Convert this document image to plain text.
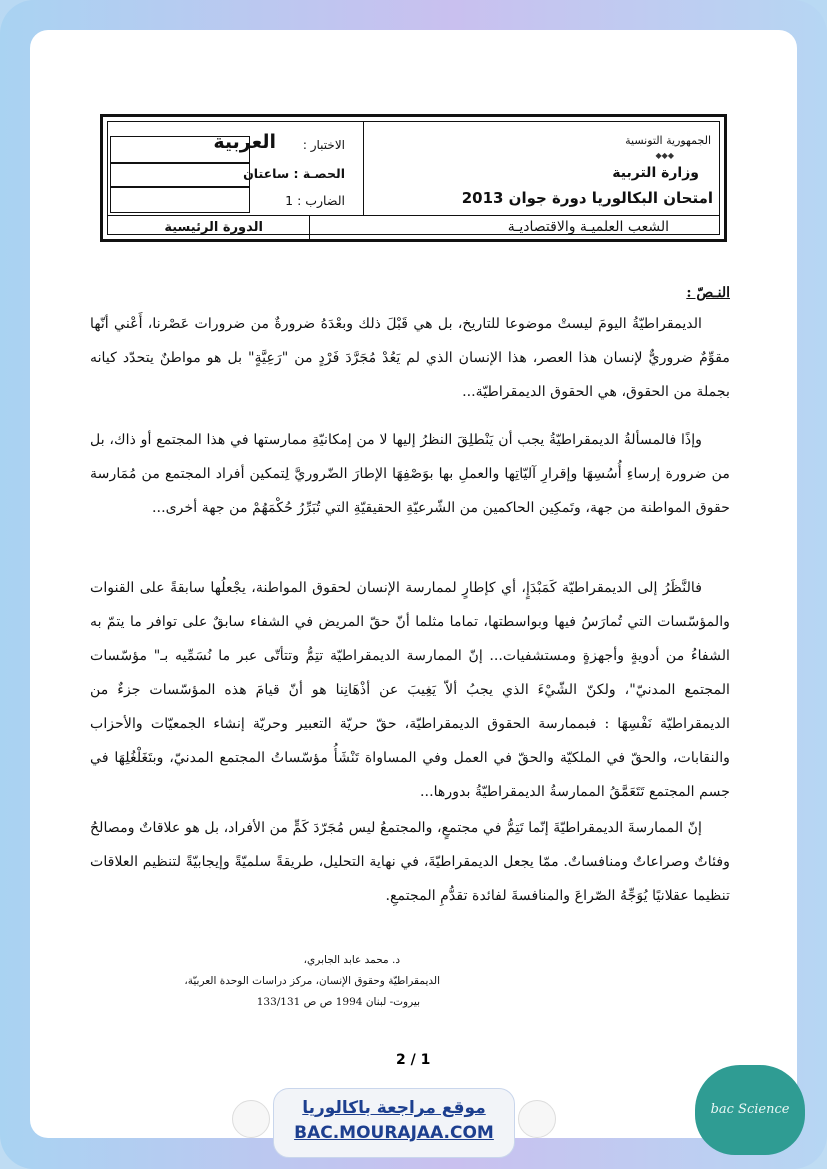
الجمهورية التونسية
◆◆◆
وزارة التربية
امتحان البكالوريا دورة جوان 2013
الشعب العلميـة والاقتصاديـة
الاختبار :
العربية
الحصـة : ساعتان
الضارب : 1
الدورة الرئيسية
النـصّ :

الديمقراطيّةُ اليومَ ليستْ موضوعا للتاريخ، بل هي قَبْلَ ذلك وبعْدَهُ ضرورةٌ من ضرورات عَصْرنا، أَعْني أنّها مقوِّمٌ ضروريٌّ لإنسان هذا العصر، هذا الإنسان الذي لم يَعُدْ مُجَرَّدَ فَرْدٍ من "رَعِيَّةٍ" بل هو مواطنٌ يتحدّد كيانه بجملة من الحقوق، هي الحقوق الديمقراطيّة...

وإذًا فالمسألةُ الديمقراطيّةُ يجب أن يَنْطلِقَ النظرُ إليها لا من إمكانيّةِ ممارستها في هذا المجتمع أو ذاك، بل من ضرورة إرساءِ أُسُسِهَا وإقرارِ آليّاتِها والعملِ بها بوَصْفِهَا الإطارَ الضّروريَّ لِتمكين أفراد المجتمع من مُمَارسة حقوق المواطنة من جهة، وتَمكِين الحاكمين من الشّرعيّةِ الحقيقيّةِ التي تُبَرِّرُ حُكْمَهُمْ من جهة أخرى...

فالنَّظَرُ إلى الديمقراطيّة كَمَبْدَإٍ، أي كإطارٍ لممارسة الإنسان لحقوق المواطنة، يجْعلُها سابقةً على القنوات والمؤسّسات التي تُمارَسُ فيها وبواسطتها، تماما مثلما أنّ حقّ المريض في الشفاء سابقٌ على توافر ما يتمّ به الشفاءُ من أدويةٍ وأجهزةٍ ومستشفيات... إنّ الممارسة الديمقراطيّة تتِمُّ وتتأتّى عبر ما نُسَمِّيه بـ" مؤسّسات المجتمع المدنيّ"، ولكنّ الشّيْءَ الذي يجبُ ألاّ يَغِيبَ عن أذْهَانِنا هو أنّ قيامَ هذه المؤسّسات جزءٌ من الديمقراطيّة نَفْسِهَا : فبممارسة الحقوق الديمقراطيّة، حقّ حريّة التعبير وحريّة إنشاء الجمعيّات والأحزاب والنقابات، والحقّ في الملكيّة والحقّ في العمل وفي المساواة تَنْشَأُ مؤسّساتُ المجتمع المدنيّ، وبتَغَلْغُلِهَا في جسم المجتمع تَتَعَمَّقُ الممارسةُ الديمقراطيّةُ بدورها...

إنّ الممارسةَ الديمقراطيّةَ إنّما تَتِمُّ في مجتمعٍ، والمجتمعُ ليس مُجَرّدَ كَمٍّ من الأفراد، بل هو علاقاتٌ ومصالحُ وفئاتٌ وصراعاتٌ ومنافساتٌ. ممّا يجعل الديمقراطيّةَ، في نهاية التحليل، طريقةً سلميّةً وإيجابيّةً لتنظيم العلاقات تنظيما عقلانيًا يُوَجِّهُ الصّراعَ والمنافسةَ لفائدة تقدُّمِ المجتمعِ.

د. محمد عابد الجابري،
الديمقراطيّة وحقوق الإنسان، مركز دراسات الوحدة العربيّة،
بيروت- لبنان 1994 ص ص 133/131
2 / 1
موقع مراجعة باكالوريا
BAC.MOURAJAA.COM
bac Science
